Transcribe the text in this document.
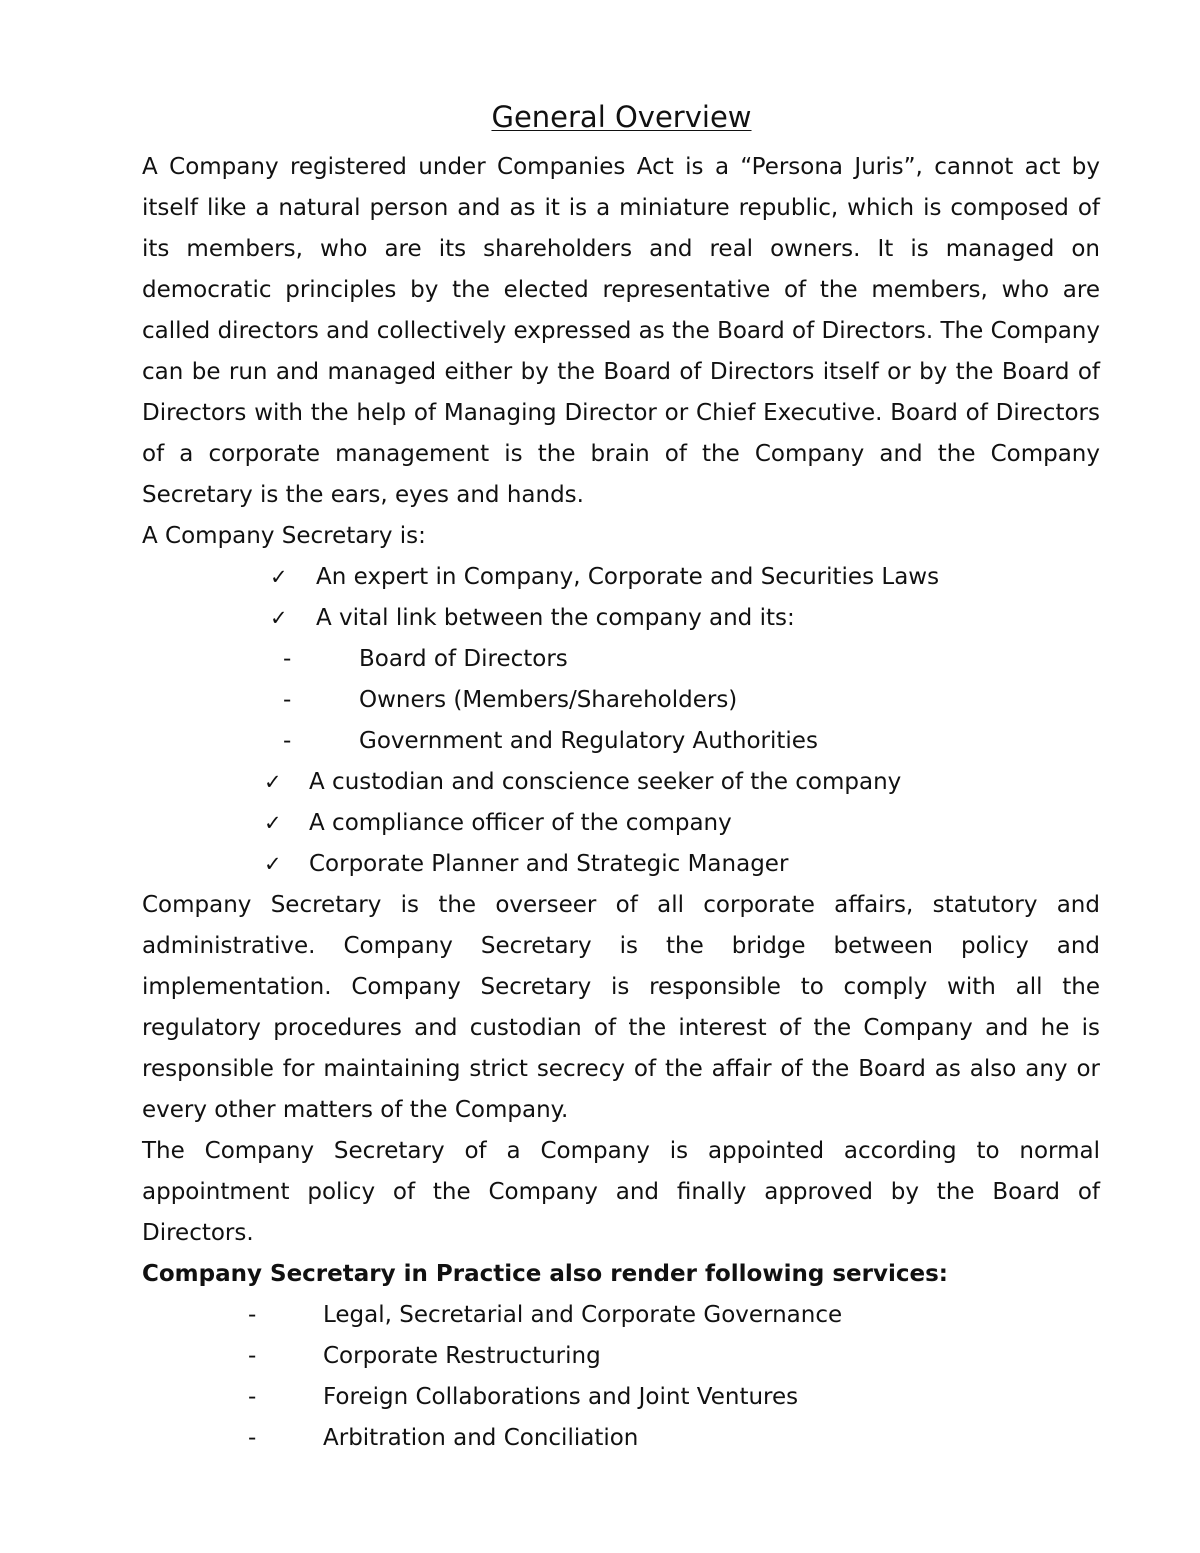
General Overview

A Company registered under Companies Act is a “Persona Juris”, cannot act by itself like a natural person and as it is a miniature republic, which is composed of its members, who are its shareholders and real owners. It is managed on democratic principles by the elected representative of the members, who are called directors and collectively expressed as the Board of Directors. The Company can be run and managed either by the Board of Directors itself or by the Board of Directors with the help of Managing Director or Chief Executive. Board of Directors of a corporate management is the brain of the Company and the Company Secretary is the ears, eyes and hands.

A Company Secretary is:
✓ An expert in Company, Corporate and Securities Laws
✓ A vital link between the company and its:
-	Board of Directors
-	Owners (Members/Shareholders)
-	Government and Regulatory Authorities
✓ A custodian and conscience seeker of the company
✓ A compliance officer of the company
✓ Corporate Planner and Strategic Manager

Company Secretary is the overseer of all corporate affairs, statutory and administrative. Company Secretary is the bridge between policy and implementation. Company Secretary is responsible to comply with all the regulatory procedures and custodian of the interest of the Company and he is responsible for maintaining strict secrecy of the affair of the Board as also any or every other matters of the Company.

The Company Secretary of a Company is appointed according to normal appointment policy of the Company and finally approved by the Board of Directors.

Company Secretary in Practice also render following services:
-	Legal, Secretarial and Corporate Governance
-	Corporate Restructuring
-	Foreign Collaborations and Joint Ventures
-	Arbitration and Conciliation
